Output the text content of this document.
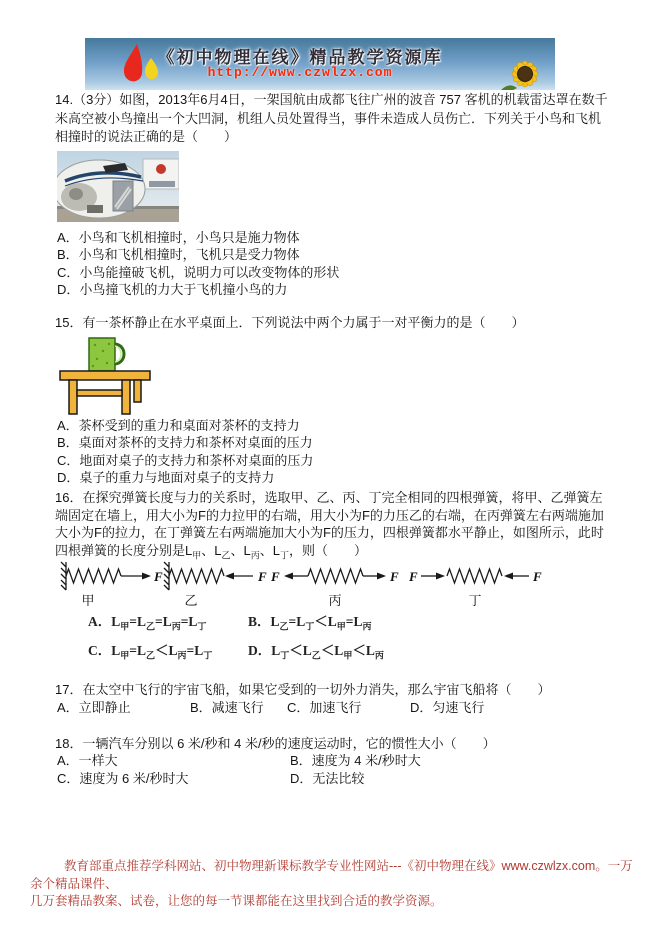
《初中物理在线》精品教学资源库
http://www.czwlzx.com
14.（3分）如图，2013年6月4日，一架国航由成都飞往广州的波音 757 客机的机载雷达罩在数千米高空被小鸟撞出一个大凹洞，机组人员处置得当，事件未造成人员伤亡．下列关于小鸟和飞机相撞时的说法正确的是（　　）
A．小鸟和飞机相撞时，小鸟只是施力物体
B．小鸟和飞机相撞时，飞机只是受力物体
C．小鸟能撞破飞机，说明力可以改变物体的形状
D．小鸟撞飞机的力大于飞机撞小鸟的力
15．有一茶杯静止在水平桌面上．下列说法中两个力属于一对平衡力的是（　　）
A．茶杯受到的重力和桌面对茶杯的支持力
B．桌面对茶杯的支持力和茶杯对桌面的压力
C．地面对桌子的支持力和茶杯对桌面的压力
D．桌子的重力与地面对桌子的支持力
16．在探究弹簧长度与力的关系时，选取甲、乙、丙、丁完全相同的四根弹簧，将甲、乙弹簧左端固定在墙上，用大小为F的力拉甲的右端，用大小为F的力压乙的右端，在丙弹簧左右两端施加大小为F的拉力，在丁弹簧左右两端施加大小为F的压力，四根弹簧都水平静止，如图所示，此时四根弹簧的长度分别是$L_甲$、$L_乙$、$L_丙$、$L_丁$，则（　　）
F
甲
F
乙
F	F
丙
F	F
丁
A．$L_甲=L_乙=L_丙=L_丁$	B．$L_乙=L_丁<L_甲=L_丙$
C．$L_甲=L_乙<L_丙=L_丁$	D．$L_丁<L_乙<L_甲<L_丙$
17．在太空中飞行的宇宙飞船，如果它受到的一切外力消失，那么宇宙飞船将（　　）
A．立即静止	B．减速飞行	C．加速飞行	D．匀速飞行
18．一辆汽车分别以 6 米/秒和 4 米/秒的速度运动时，它的惯性大小（　　）
A．一样大	B．速度为 4 米/秒时大
C．速度为 6 米/秒时大	D．无法比较
教育部重点推荐学科网站、初中物理新课标教学专业性网站---《初中物理在线》www.czwlzx.com。一万余个精品课件、
几万套精品教案、试卷，让您的每一节课都能在这里找到合适的教学资源。
